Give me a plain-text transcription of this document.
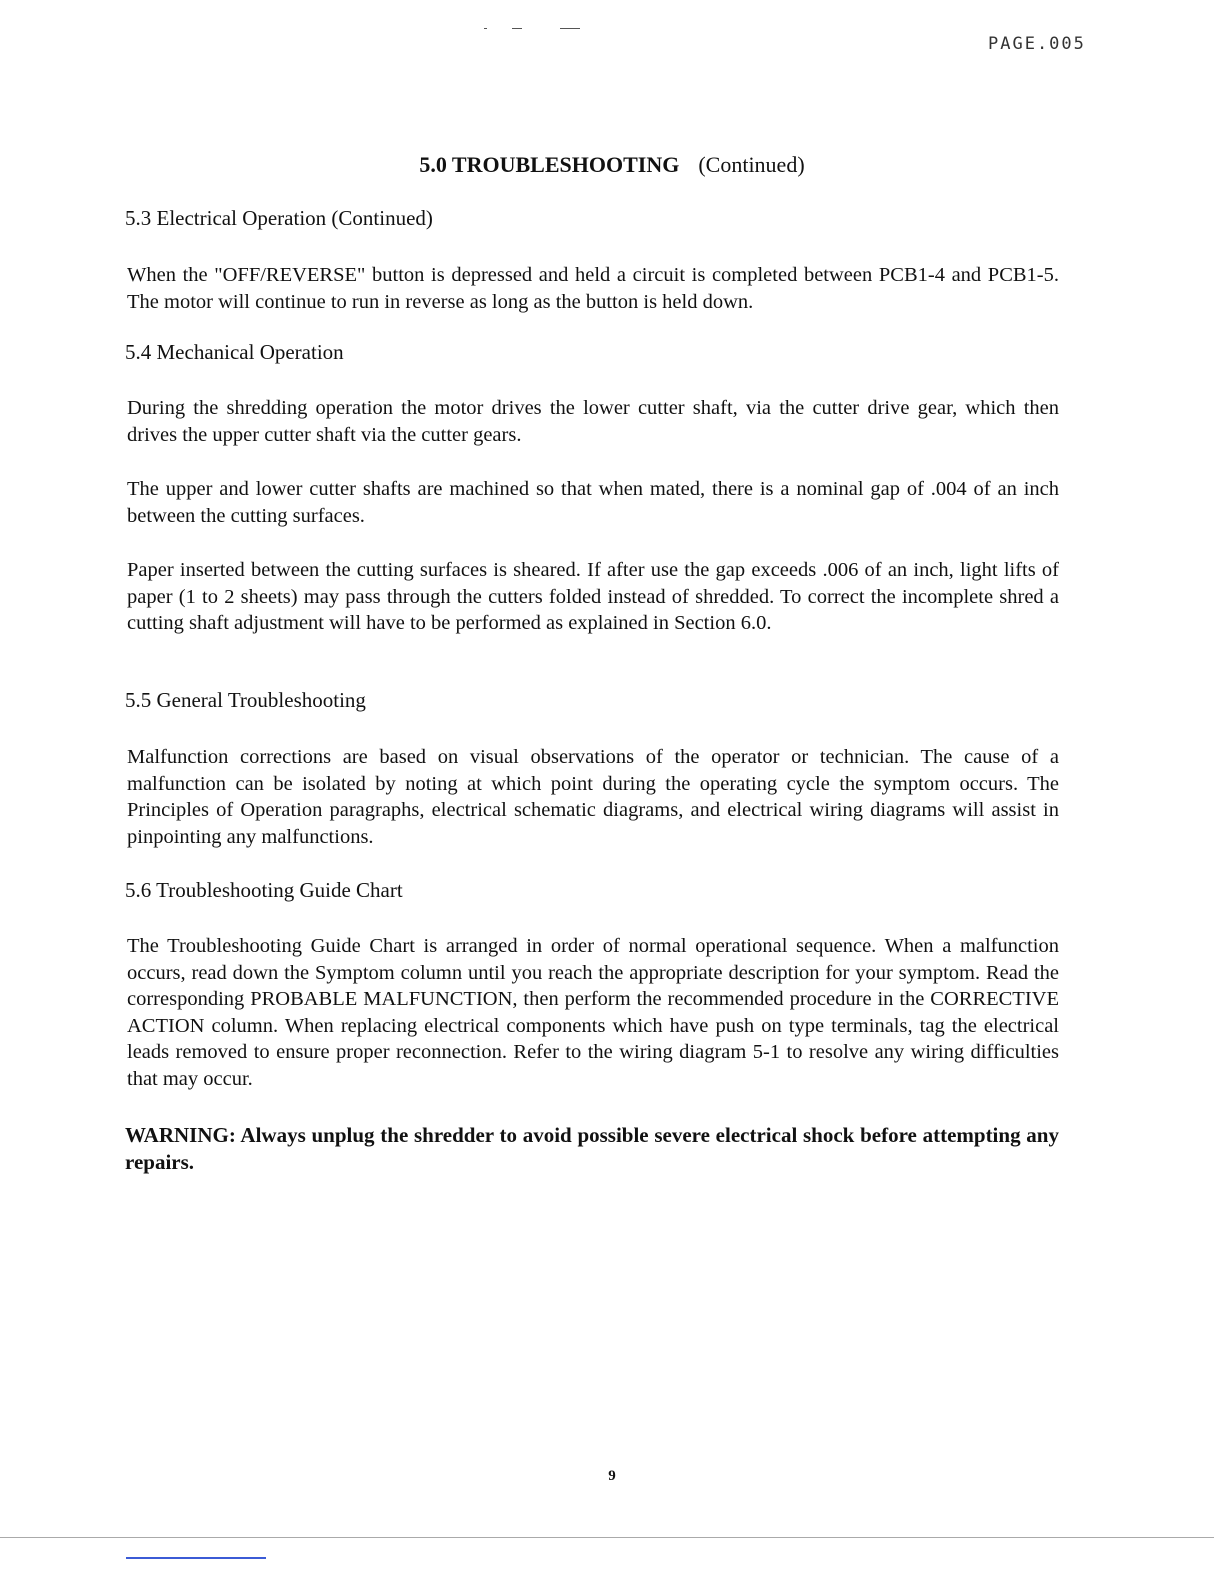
PAGE.005
5.0 TROUBLESHOOTING (Continued)
5.3 Electrical Operation (Continued)
When the "OFF/REVERSE" button is depressed and held a circuit is completed between PCB1-4 and PCB1-5. The motor will continue to run in reverse as long as the button is held down.
5.4 Mechanical Operation
During the shredding operation the motor drives the lower cutter shaft, via the cutter drive gear, which then drives the upper cutter shaft via the cutter gears.
The upper and lower cutter shafts are machined so that when mated, there is a nominal gap of .004 of an inch between the cutting surfaces.
Paper inserted between the cutting surfaces is sheared. If after use the gap exceeds .006 of an inch, light lifts of paper (1 to 2 sheets) may pass through the cutters folded instead of shredded. To correct the incomplete shred a cutting shaft adjustment will have to be performed as explained in Section 6.0.
5.5 General Troubleshooting
Malfunction corrections are based on visual observations of the operator or technician. The cause of a malfunction can be isolated by noting at which point during the operating cycle the symptom occurs. The Principles of Operation paragraphs, electrical schematic diagrams, and electrical wiring diagrams will assist in pinpointing any malfunctions.
5.6 Troubleshooting Guide Chart
The Troubleshooting Guide Chart is arranged in order of normal operational sequence. When a malfunction occurs, read down the Symptom column until you reach the appropriate description for your symptom. Read the corresponding PROBABLE MALFUNCTION, then perform the recommended procedure in the CORRECTIVE ACTION column. When replacing electrical components which have push on type terminals, tag the electrical leads removed to ensure proper reconnection. Refer to the wiring diagram 5-1 to resolve any wiring difficulties that may occur.
WARNING: Always unplug the shredder to avoid possible severe electrical shock before attempting any repairs.
9
